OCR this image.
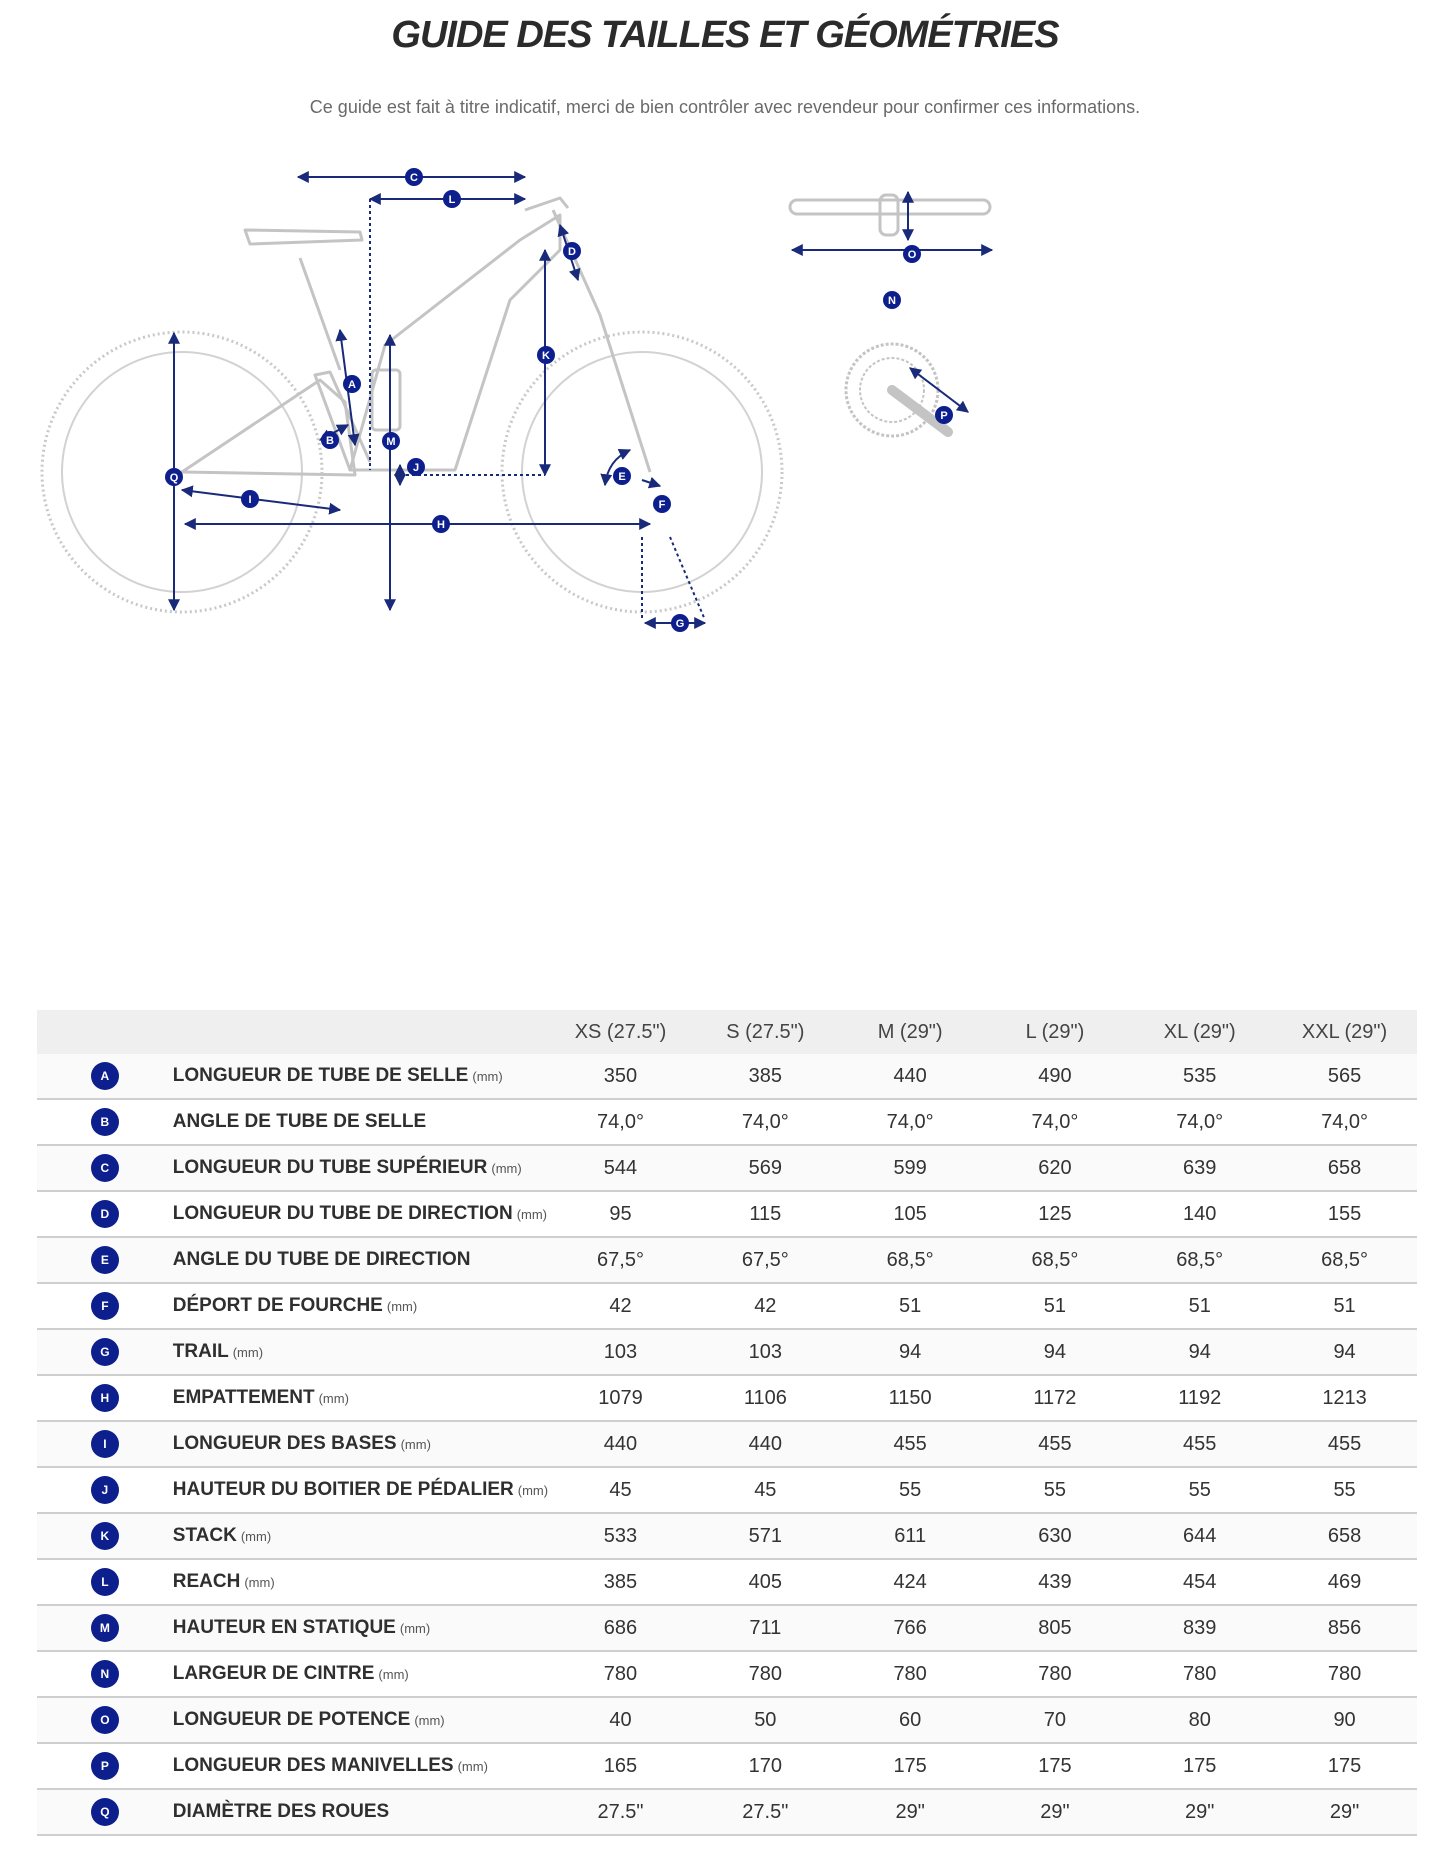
GUIDE DES TAILLES ET GÉOMÉTRIES
Ce guide est fait à titre indicatif, merci de bien contrôler avec revendeur pour confirmer ces informations.
A
B
C
D
E
F
G
H
I
J
K
L
M
N
O
P
Q
		XS (27.5")	S (27.5")	M (29")	L (29")	XL (29")	XXL (29")
A	LONGUEUR DE TUBE DE SELLE (mm)	350	385	440	490	535	565
B	ANGLE DE TUBE DE SELLE	74,0°	74,0°	74,0°	74,0°	74,0°	74,0°
C	LONGUEUR DU TUBE SUPÉRIEUR (mm)	544	569	599	620	639	658
D	LONGUEUR DU TUBE DE DIRECTION (mm)	95	115	105	125	140	155
E	ANGLE DU TUBE DE DIRECTION	67,5°	67,5°	68,5°	68,5°	68,5°	68,5°
F	DÉPORT DE FOURCHE (mm)	42	42	51	51	51	51
G	TRAIL (mm)	103	103	94	94	94	94
H	EMPATTEMENT (mm)	1079	1106	1150	1172	1192	1213
I	LONGUEUR DES BASES (mm)	440	440	455	455	455	455
J	HAUTEUR DU BOITIER DE PÉDALIER (mm)	45	45	55	55	55	55
K	STACK (mm)	533	571	611	630	644	658
L	REACH (mm)	385	405	424	439	454	469
M	HAUTEUR EN STATIQUE (mm)	686	711	766	805	839	856
N	LARGEUR DE CINTRE (mm)	780	780	780	780	780	780
O	LONGUEUR DE POTENCE (mm)	40	50	60	70	80	90
P	LONGUEUR DES MANIVELLES (mm)	165	170	175	175	175	175
Q	DIAMÈTRE DES ROUES	27.5"	27.5"	29"	29"	29"	29"
